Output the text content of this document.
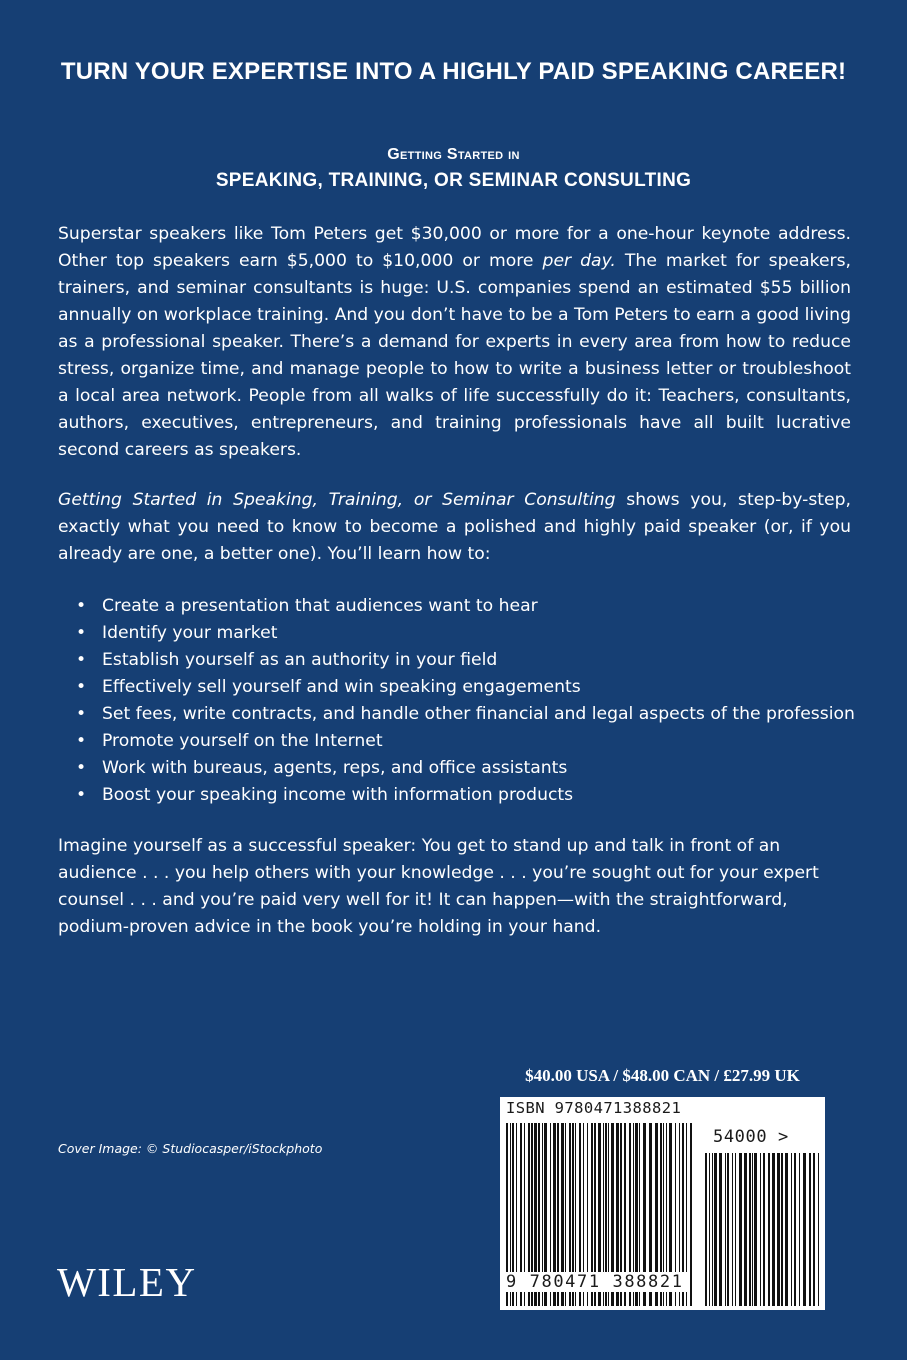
TURN YOUR EXPERTISE INTO A HIGHLY PAID SPEAKING CAREER!
Getting Started in
SPEAKING, TRAINING, OR SEMINAR CONSULTING

Superstar speakers like Tom Peters get $30,000 or more for a one-hour keynote address. Other top speakers earn $5,000 to $10,000 or more per day. The market for speakers, trainers, and seminar consultants is huge: U.S. companies spend an estimated $55 billion annually on workplace training. And you don’t have to be a Tom Peters to earn a good living as a professional speaker. There’s a demand for experts in every area from how to reduce stress, organize time, and manage people to how to write a business letter or troubleshoot a local area network. People from all walks of life successfully do it: Teachers, consultants, authors, executives, entrepreneurs, and training professionals have all built lucrative second careers as speakers.

Getting Started in Speaking, Training, or Seminar Consulting shows you, step-by-step, exactly what you need to know to become a polished and highly paid speaker (or, if you already are one, a better one). You’ll learn how to:

• Create a presentation that audiences want to hear
• Identify your market
• Establish yourself as an authority in your field
• Effectively sell yourself and win speaking engagements
• Set fees, write contracts, and handle other financial and legal aspects of the profession
• Promote yourself on the Internet
• Work with bureaus, agents, reps, and office assistants
• Boost your speaking income with information products

Imagine yourself as a successful speaker: You get to stand up and talk in front of an audience . . . you help others with your knowledge . . . you’re sought out for your expert counsel . . . and you’re paid very well for it! It can happen—with the straightforward, podium-proven advice in the book you’re holding in your hand.

$40.00 USA / $48.00 CAN / £27.99 UK
ISBN 9780471388821
54000 >
9 780471 388821
Cover Image: © Studiocasper/iStockphoto
WILEY
